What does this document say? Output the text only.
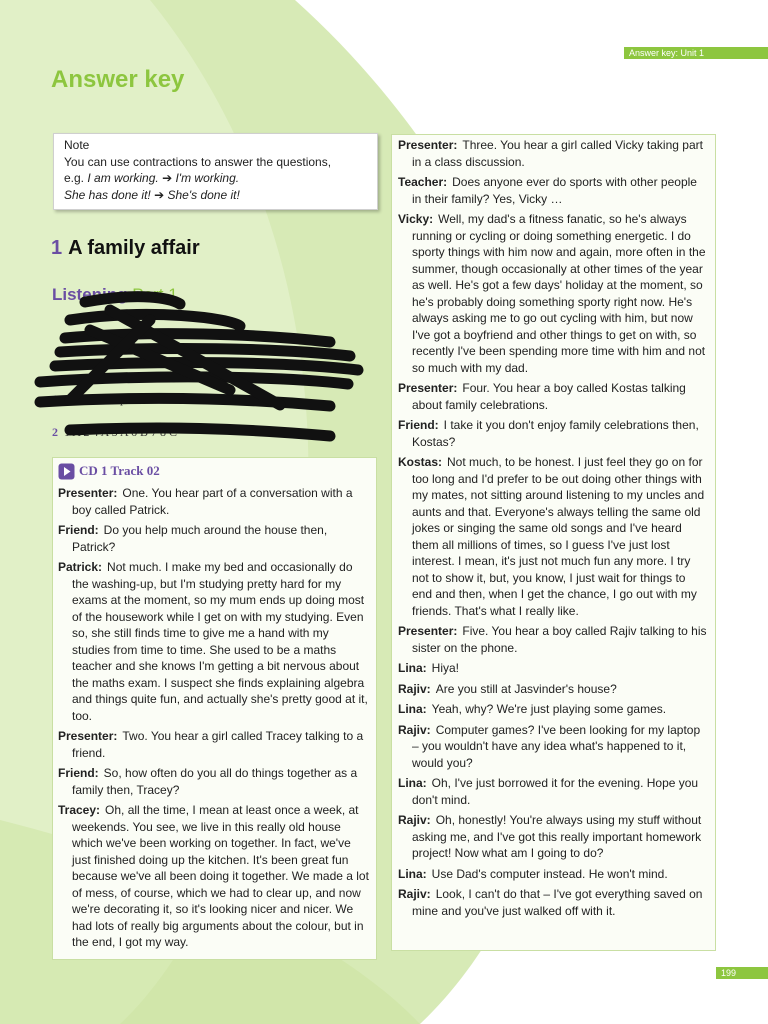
Answer key: Unit 1
Answer key
Note
You can use contractions to answer the questions,
e.g. I am working. ➔ I'm working.
She has done it! ➔ She's done it!
1 A family affair
Listening Part 1
1 chose, trumpet
2 1 A 2 4 A 5 A 6 B 7 8 C
CD 1 Track 02
Presenter: One. You hear part of a conversation with a boy called Patrick.
Friend: Do you help much around the house then, Patrick?
Patrick: Not much. I make my bed and occasionally do the washing-up, but I'm studying pretty hard for my exams at the moment, so my mum ends up doing most of the housework while I get on with my studying. Even so, she still finds time to give me a hand with my studies from time to time. She used to be a maths teacher and she knows I'm getting a bit nervous about the maths exam. I suspect she finds explaining algebra and things quite fun, and actually she's pretty good at it, too.
Presenter: Two. You hear a girl called Tracey talking to a friend.
Friend: So, how often do you all do things together as a family then, Tracey?
Tracey: Oh, all the time, I mean at least once a week, at weekends. You see, we live in this really old house which we've been working on together. In fact, we've just finished doing up the kitchen. It's been great fun because we've all been doing it together. We made a lot of mess, of course, which we had to clear up, and now we're decorating it, so it's looking nicer and nicer. We had lots of really big arguments about the colour, but in the end, I got my way.
Presenter: Three. You hear a girl called Vicky taking part in a class discussion.
Teacher: Does anyone ever do sports with other people in their family? Yes, Vicky …
Vicky: Well, my dad's a fitness fanatic, so he's always running or cycling or doing something energetic. I do sporty things with him now and again, more often in the summer, though occasionally at other times of the year as well. He's got a few days' holiday at the moment, so he's probably doing something sporty right now. He's always asking me to go out cycling with him, but now I've got a boyfriend and other things to get on with, so recently I've been spending more time with him and not so much with my dad.
Presenter: Four. You hear a boy called Kostas talking about family celebrations.
Friend: I take it you don't enjoy family celebrations then, Kostas?
Kostas: Not much, to be honest. I just feel they go on for too long and I'd prefer to be out doing other things with my mates, not sitting around listening to my uncles and aunts and that. Everyone's always telling the same old jokes or singing the same old songs and I've heard them all millions of times, so I guess I've just lost interest. I mean, it's just not much fun any more. I try not to show it, but, you know, I just wait for things to end and then, when I get the chance, I go out with my friends. That's what I really like.
Presenter: Five. You hear a boy called Rajiv talking to his sister on the phone.
Lina: Hiya!
Rajiv: Are you still at Jasvinder's house?
Lina: Yeah, why? We're just playing some games.
Rajiv: Computer games? I've been looking for my laptop – you wouldn't have any idea what's happened to it, would you?
Lina: Oh, I've just borrowed it for the evening. Hope you don't mind.
Rajiv: Oh, honestly! You're always using my stuff without asking me, and I've got this really important homework project! Now what am I going to do?
Lina: Use Dad's computer instead. He won't mind.
Rajiv: Look, I can't do that – I've got everything saved on mine and you've just walked off with it.
199
